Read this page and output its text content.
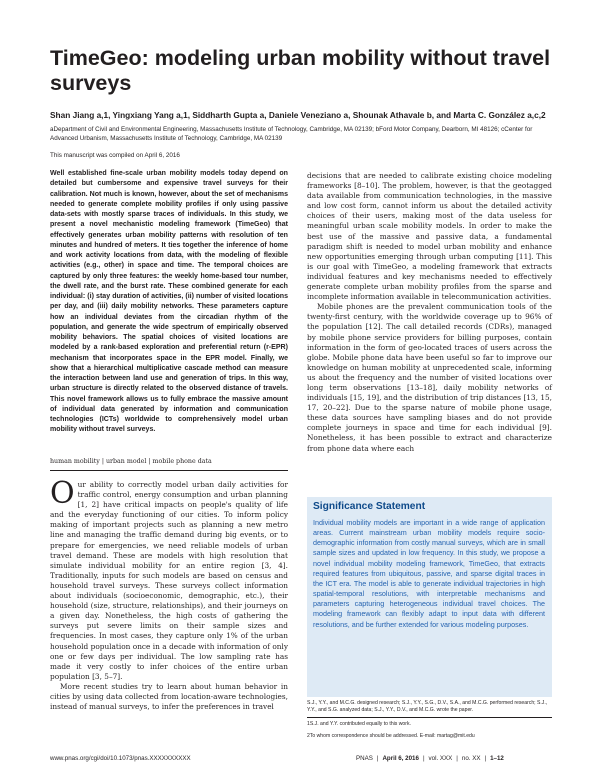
TimeGeo: modeling urban mobility without travel surveys
Shan Jiang a,1, Yingxiang Yang a,1, Siddharth Gupta a, Daniele Veneziano a, Shounak Athavale b, and Marta C. González a,c,2
aDepartment of Civil and Environmental Engineering, Massachusetts Institute of Technology, Cambridge, MA 02139; bFord Motor Company, Dearborn, MI 48126; cCenter for Advanced Urbanism, Massachusetts Institute of Technology, Cambridge, MA 02139
This manuscript was compiled on April 6, 2016

Well established fine-scale urban mobility models today depend on detailed but cumbersome and expensive travel surveys for their calibration. Not much is known, however, about the set of mechanisms needed to generate complete mobility profiles if only using passive data-sets with mostly sparse traces of individuals. In this study, we present a novel mechanistic modeling framework (TimeGeo) that effectively generates urban mobility patterns with resolution of ten minutes and hundred of meters. It ties together the inference of home and work activity locations from data, with the modeling of flexible activities (e.g., other) in space and time. The temporal choices are captured by only three features: the weekly home-based tour number, the dwell rate, and the burst rate. These combined generate for each individual: (i) stay duration of activities, (ii) number of visited locations per day, and (iii) daily mobility networks. These parameters capture how an individual deviates from the circadian rhythm of the population, and generate the wide spectrum of empirically observed mobility behaviors. The spatial choices of visited locations are modeled by a rank-based exploration and preferential return (r-EPR) mechanism that incorporates space in the EPR model. Finally, we show that a hierarchical multiplicative cascade method can measure the interaction between land use and generation of trips. In this way, urban structure is directly related to the observed distance of travels. This novel framework allows us to fully embrace the massive amount of individual data generated by information and communication technologies (ICTs) worldwide to comprehensively model urban mobility without travel surveys.

human mobility | urban model | mobile phone data

Our ability to correctly model urban daily activities for traffic control, energy consumption and urban planning [1, 2] have critical impacts on people's quality of life and the everyday functioning of our cities. To inform policy making of important projects such as planning a new metro line and managing the traffic demand during big events, or to prepare for emergencies, we need reliable models of urban travel demand. These are models with high resolution that simulate individual mobility for an entire region [3, 4]. Traditionally, inputs for such models are based on census and household travel surveys. These surveys collect information about individuals (socioeconomic, demographic, etc.), their household (size, structure, relationships), and their journeys on a given day. Nonetheless, the high costs of gathering the surveys put severe limits on their sample sizes and frequencies. In most cases, they capture only 1% of the urban household population once in a decade with information of only one or few days per individual. The low sampling rate has made it very costly to infer choices of the entire urban population [3, 5–7].

More recent studies try to learn about human behavior in cities by using data collected from location-aware technologies, instead of manual surveys, to infer the preferences in travel

decisions that are needed to calibrate existing choice modeling frameworks [8–10]. The problem, however, is that the geotagged data available from communication technologies, in the massive and low cost form, cannot inform us about the detailed activity choices of their users, making most of the data useless for meaningful urban scale mobility models. In order to make the best use of the massive and passive data, a fundamental paradigm shift is needed to model urban mobility and enhance new opportunities emerging through urban computing [11]. This is our goal with TimeGeo, a modeling framework that extracts individual features and key mechanisms needed to effectively generate complete urban mobility profiles from the sparse and incomplete information available in telecommunication activities.

Mobile phones are the prevalent communication tools of the twenty-first century, with the worldwide coverage up to 96% of the population [12]. The call detailed records (CDRs), managed by mobile phone service providers for billing purposes, contain information in the form of geo-located traces of users across the globe. Mobile phone data have been useful so far to improve our knowledge on human mobility at unprecedented scale, informing us about the frequency and the number of visited locations over long term observations [13–18], daily mobility networks of individuals [15, 19], and the distribution of trip distances [13, 15, 17, 20–22]. Due to the sparse nature of mobile phone usage, these data sources have sampling biases and do not provide complete journeys in space and time for each individual [9]. Nonetheless, it has been possible to extract and characterize from phone data where each

Significance Statement
Individual mobility models are important in a wide range of application areas. Current mainstream urban mobility models require socio-demographic information from costly manual surveys, which are in small sample sizes and updated in low frequency. In this study, we propose a novel individual mobility modeling framework, TimeGeo, that extracts required features from ubiquitous, passive, and sparse digital traces in the ICT era. The model is able to generate individual trajectories in high spatial-temporal resolutions, with interpretable mechanisms and parameters capturing heterogeneous individual travel choices. The modeling framework can flexibly adapt to input data with different resolutions, and be further extended for various modeling purposes.
S.J., Y.Y., and M.C.G. designed research; S.J., Y.Y., S.G., D.V., S.A., and M.C.G. performed research; S.J., Y.Y., and S.G. analyzed data; S.J., Y.Y., D.V., and M.C.G. wrote the paper.
1S.J. and Y.Y. contributed equally to this work.
2To whom correspondence should be addressed. E-mail: martag@mit.edu
www.pnas.org/cgi/doi/10.1073/pnas.XXXXXXXXXX	PNAS | April 6, 2016 | vol. XXX | no. XX | 1–12
